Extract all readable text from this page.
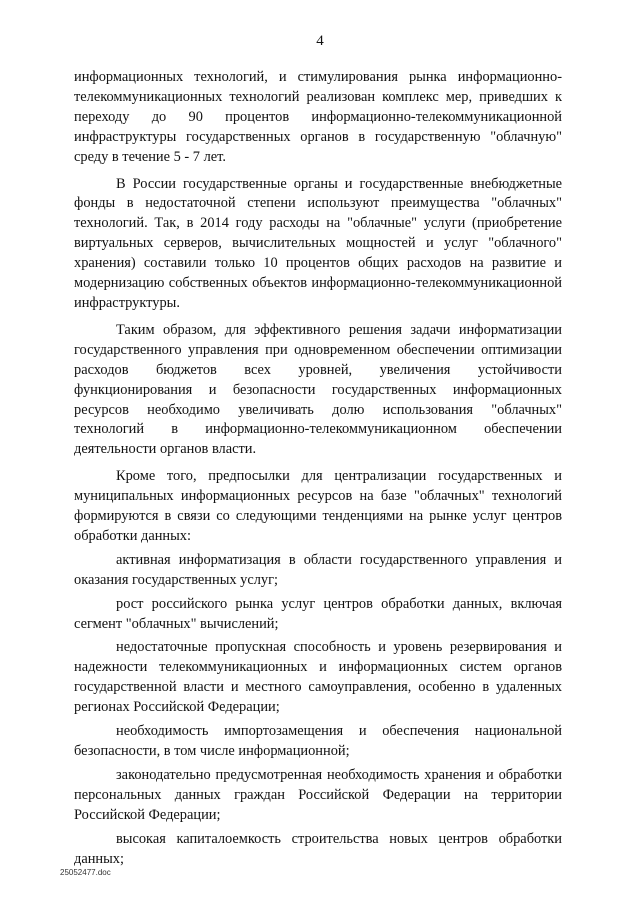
4

информационных технологий, и стимулирования рынка информационно-телекоммуникационных технологий реализован комплекс мер, приведших к переходу до 90 процентов информационно-телекоммуникационной инфраструктуры государственных органов в государственную "облачную" среду в течение 5 - 7 лет.

В России государственные органы и государственные внебюджетные фонды в недостаточной степени используют преимущества "облачных" технологий. Так, в 2014 году расходы на "облачные" услуги (приобретение виртуальных серверов, вычислительных мощностей и услуг "облачного" хранения) составили только 10 процентов общих расходов на развитие и модернизацию собственных объектов информационно-телекоммуникационной инфраструктуры.

Таким образом, для эффективного решения задачи информатизации государственного управления при одновременном обеспечении оптимизации расходов бюджетов всех уровней, увеличения устойчивости функционирования и безопасности государственных информационных ресурсов необходимо увеличивать долю использования "облачных" технологий в информационно-телекоммуникационном обеспечении деятельности органов власти.

Кроме того, предпосылки для централизации государственных и муниципальных информационных ресурсов на базе "облачных" технологий формируются в связи со следующими тенденциями на рынке услуг центров обработки данных:

активная информатизация в области государственного управления и оказания государственных услуг;

рост российского рынка услуг центров обработки данных, включая сегмент "облачных" вычислений;

недостаточные пропускная способность и уровень резервирования и надежности телекоммуникационных и информационных систем органов государственной власти и местного самоуправления, особенно в удаленных регионах Российской Федерации;

необходимость импортозамещения и обеспечения национальной безопасности, в том числе информационной;

законодательно предусмотренная необходимость хранения и обработки персональных данных граждан Российской Федерации на территории Российской Федерации;

высокая капиталоемкость строительства новых центров обработки данных;

25052477.doc
